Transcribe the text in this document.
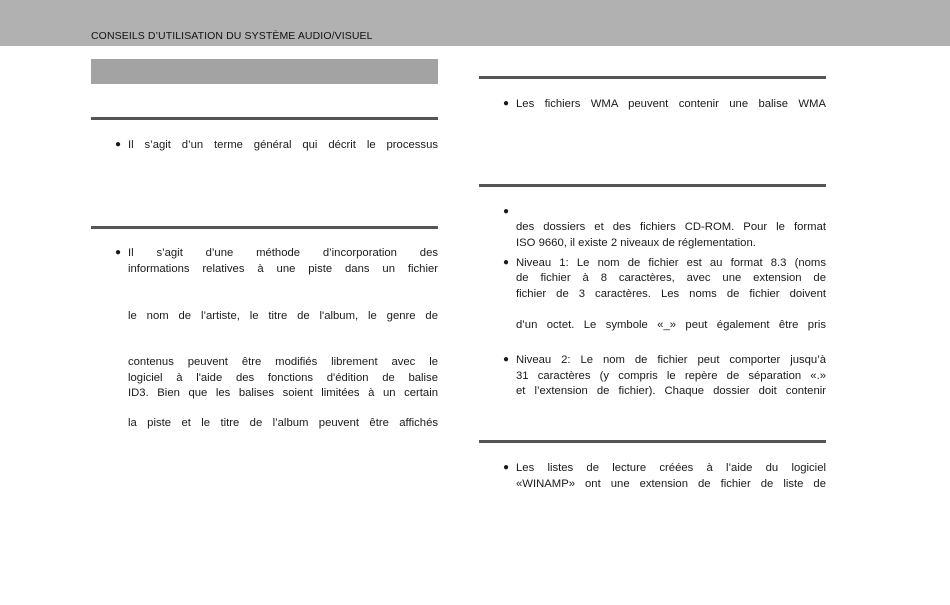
CONSEILS D’UTILISATION DU SYSTÈME AUDIO/VISUEL
● Il s’agit d’un terme général qui décrit le processus
● Il s’agit d’une méthode d’incorporation des
informations relatives à une piste dans un fichier
le nom de l’artiste, le titre de l'album, le genre de
contenus peuvent être modifiés librement avec le
logiciel à l'aide des fonctions d'édition de balise
ID3. Bien que les balises soient limitées à un certain
la piste et le titre de l’album peuvent être affichés
● Les fichiers WMA peuvent contenir une balise WMA
●
des dossiers et des fichiers CD-ROM. Pour le format
ISO 9660, il existe 2 niveaux de réglementation.
● Niveau 1: Le nom de fichier est au format 8.3 (noms
de fichier à 8 caractères, avec une extension de
fichier de 3 caractères. Les noms de fichier doivent
d’un octet. Le symbole «_» peut également être pris
● Niveau 2: Le nom de fichier peut comporter jusqu’à
31 caractères (y compris le repère de séparation «.»
et l’extension de fichier). Chaque dossier doit contenir
● Les listes de lecture créées à l’aide du logiciel
«WINAMP» ont une extension de fichier de liste de
